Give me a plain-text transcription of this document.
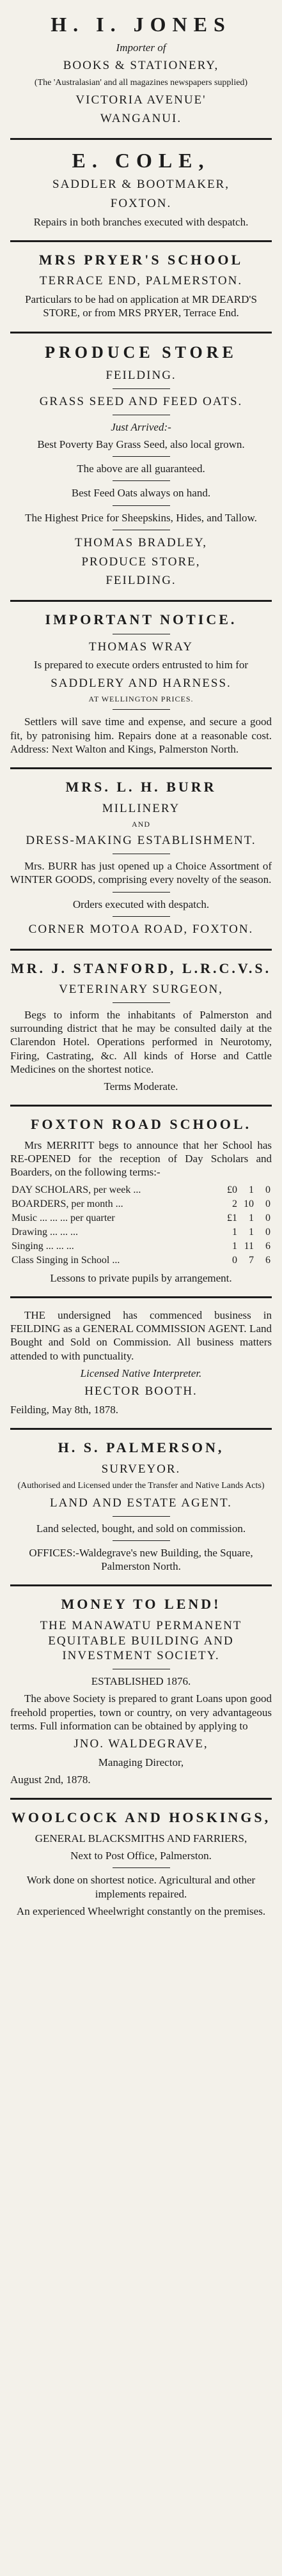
H. I. JONES

Importer of

BOOKS & STATIONERY,

(The 'Australasian' and all magazines newspapers supplied)

VICTORIA AVENUE'

WANGANUI.

E. COLE,

SADDLER & BOOTMAKER,

FOXTON.

Repairs in both branches executed with despatch.

MRS PRYER'S SCHOOL

TERRACE END, PALMERSTON.

Particulars to be had on application at MR DEARD'S STORE, or from MRS PRYER, Terrace End.

PRODUCE STORE

FEILDING.

GRASS SEED AND FEED OATS.

Just Arrived:-

Best Poverty Bay Grass Seed, also local grown.

The above are all guaranteed.

Best Feed Oats always on hand.

The Highest Price for Sheepskins, Hides, and Tallow.

THOMAS BRADLEY,

PRODUCE STORE,

FEILDING.

IMPORTANT NOTICE.

THOMAS WRAY

Is prepared to execute orders entrusted to him for

SADDLERY AND HARNESS.

AT WELLINGTON PRICES.

Settlers will save time and expense, and secure a good fit, by patronising him. Repairs done at a reasonable cost. Address: Next Walton and Kings, Palmerston North.

MRS. L. H. BURR

MILLINERY

AND

DRESS-MAKING ESTABLISHMENT.

Mrs. BURR has just opened up a Choice Assortment of WINTER GOODS, comprising every novelty of the season.

Orders executed with despatch.

CORNER MOTOA ROAD, FOXTON.

MR. J. STANFORD, L.R.C.V.S.

VETERINARY SURGEON,

Begs to inform the inhabitants of Palmerston and surrounding district that he may be consulted daily at the Clarendon Hotel. Operations performed in Neurotomy, Firing, Castrating, &c. All kinds of Horse and Cattle Medicines on the shortest notice.

Terms Moderate.

FOXTON ROAD SCHOOL.

Mrs MERRITT begs to announce that her School has RE-OPENED for the reception of Day Scholars and Boarders, on the following terms:-

DAY SCHOLARS, per week ...	£0	1	0
BOARDERS, per month ...	2	10	0
Music ... ... ... per quarter	£1	1	0
Drawing ... ... ...	1	1	0
Singing ... ... ...	1	11	6
Class Singing in School ...	0	7	6

Lessons to private pupils by arrangement.

THE undersigned has commenced business in FEILDING as a GENERAL COMMISSION AGENT. Land Bought and Sold on Commission. All business matters attended to with punctuality.

Licensed Native Interpreter.

HECTOR BOOTH.

Feilding, May 8th, 1878.

H. S. PALMERSON,

SURVEYOR.

(Authorised and Licensed under the Transfer and Native Lands Acts)

LAND AND ESTATE AGENT.

Land selected, bought, and sold on commission.

OFFICES:-Waldegrave's new Building, the Square, Palmerston North.

MONEY TO LEND!

THE MANAWATU PERMANENT EQUITABLE BUILDING AND INVESTMENT SOCIETY.

ESTABLISHED 1876.

The above Society is prepared to grant Loans upon good freehold properties, town or country, on very advantageous terms. Full information can be obtained by applying to

JNO. WALDEGRAVE,

Managing Director,

August 2nd, 1878.

WOOLCOCK AND HOSKINGS,

GENERAL BLACKSMITHS AND FARRIERS,

Next to Post Office, Palmerston.

Work done on shortest notice. Agricultural and other implements repaired.

An experienced Wheelwright constantly on the premises.
